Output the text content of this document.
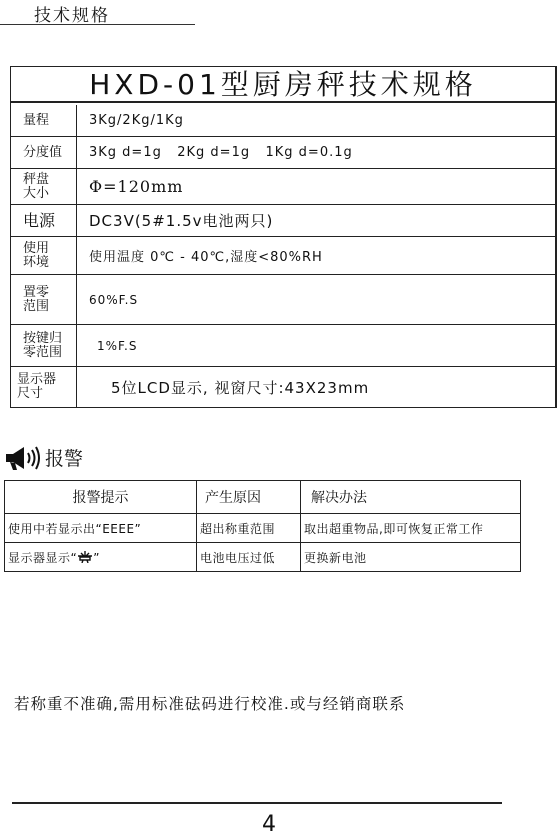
技术规格
HXD-01型厨房秤技术规格
量程	3Kg/2Kg/1Kg
分度值	3Kg d=1g   2Kg d=1g   1Kg d=0.1g
秤盘
大小	Φ=120mm
电源	DC3V(5#1.5v电池两只)
使用
环境	使用温度 0℃ - 40℃,湿度<80%RH
置零
范围	60%F.S
按键归
零范围	1%F.S
显示器
尺寸	5位LCD显示, 视窗尺寸:43X23mm
报警
报警提示	产生原因	解决办法
使用中若显示出“EEEE”	超出称重范围	取出超重物品,即可恢复正常工作
显示器显示“ ”	电池电压过低	更换新电池
若称重不准确,需用标准砝码进行校准.或与经销商联系
4
